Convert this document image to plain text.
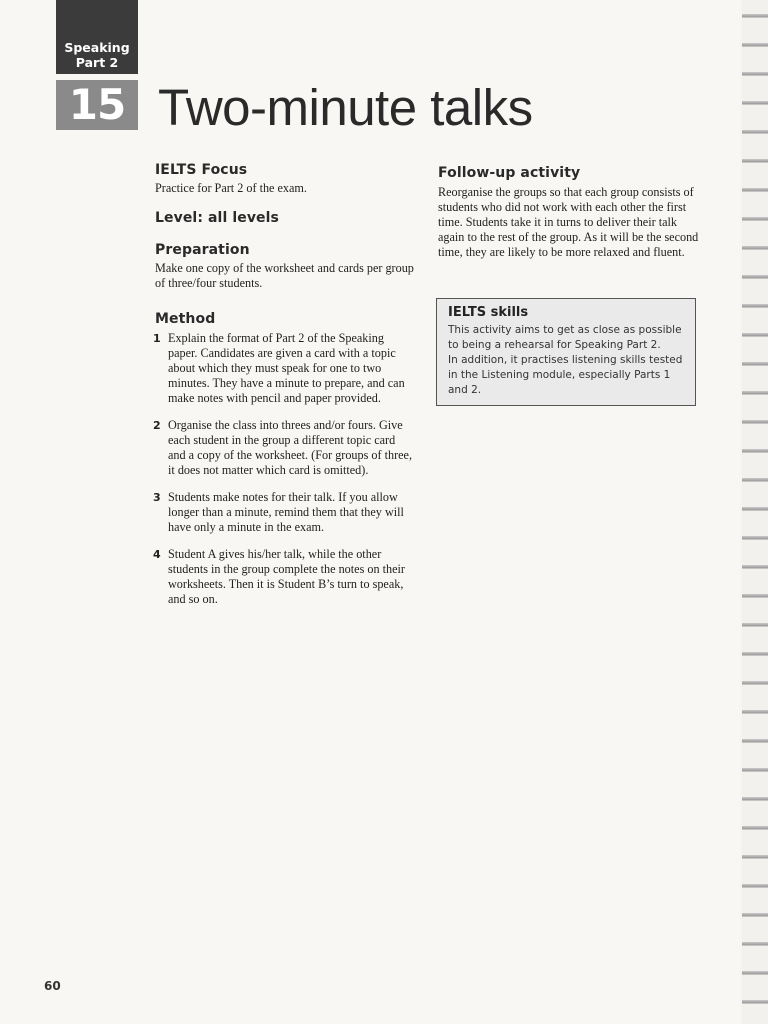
Speaking
Part 2
15 Two-minute talks
IELTS Focus

Practice for Part 2 of the exam.

Level: all levels
Preparation

Make one copy of the worksheet and cards per group of three/four students.

Method
1 Explain the format of Part 2 of the Speaking paper. Candidates are given a card with a topic about which they must speak for one to two minutes. They have a minute to prepare, and can make notes with pencil and paper provided.
2 Organise the class into threes and/or fours. Give each student in the group a different topic card and a copy of the worksheet. (For groups of three, it does not matter which card is omitted).
3 Students make notes for their talk. If you allow longer than a minute, remind them that they will have only a minute in the exam.
4 Student A gives his/her talk, while the other students in the group complete the notes on their worksheets. Then it is Student B’s turn to speak, and so on.
Follow-up activity

Reorganise the groups so that each group consists of students who did not work with each other the first time. Students take it in turns to deliver their talk again to the rest of the group. As it will be the second time, they are likely to be more relaxed and fluent.

IELTS skills

This activity aims to get as close as possible to being a rehearsal for Speaking Part 2.

In addition, it practises listening skills tested in the Listening module, especially Parts 1 and 2.

60
